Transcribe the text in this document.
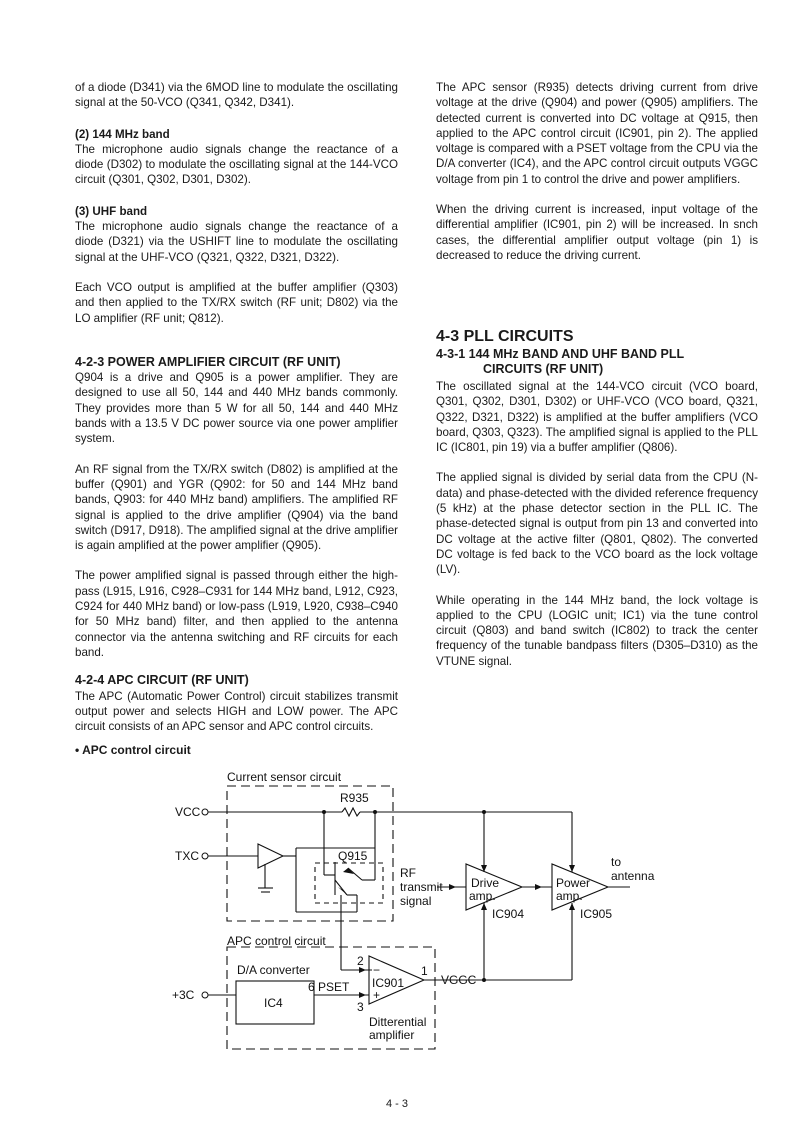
of a diode (D341) via the 6MOD line to modulate the oscillating signal at the 50-VCO (Q341, Q342, D341).

(2) 144 MHz band

The microphone audio signals change the reactance of a diode (D302) to modulate the oscillating signal at the 144-VCO circuit (Q301, Q302, D301, D302).

(3) UHF band

The microphone audio signals change the reactance of a diode (D321) via the USHIFT line to modulate the oscillating signal at the UHF-VCO (Q321, Q322, D321, D322).

Each VCO output is amplified at the buffer amplifier (Q303) and then applied to the TX/RX switch (RF unit; D802) via the LO amplifier (RF unit; Q812).

4-2-3 POWER AMPLIFIER CIRCUIT (RF UNIT)

Q904 is a drive and Q905 is a power amplifier. They are designed to use all 50, 144 and 440 MHz bands commonly. They provides more than 5 W for all 50, 144 and 440 MHz bands with a 13.5 V DC power source via one power amplifier system.

An RF signal from the TX/RX switch (D802) is amplified at the buffer (Q901) and YGR (Q902: for 50 and 144 MHz band bands, Q903: for 440 MHz band) amplifiers. The amplified RF signal is applied to the drive amplifier (Q904) via the band switch (D917, D918). The amplified signal at the drive amplifier is again amplified at the power amplifier (Q905).

The power amplified signal is passed through either the high-pass (L915, L916, C928–C931 for 144 MHz band, L912, C923, C924 for 440 MHz band) or low-pass (L919, L920, C938–C940 for 50 MHz band) filter, and then applied to the antenna connector via the antenna switching and RF circuits for each band.

4-2-4 APC CIRCUIT (RF UNIT)

The APC (Automatic Power Control) circuit stabilizes transmit output power and selects HIGH and LOW power. The APC circuit consists of an APC sensor and APC control circuits.

The APC sensor (R935) detects driving current from drive voltage at the drive (Q904) and power (Q905) amplifiers. The detected current is converted into DC voltage at Q915, then applied to the APC control circuit (IC901, pin 2). The applied voltage is compared with a PSET voltage from the CPU via the D/A converter (IC4), and the APC control circuit outputs VGGC voltage from pin 1 to control the drive and power amplifiers.

When the driving current is increased, input voltage of the differential amplifier (IC901, pin 2) will be increased. In snch cases, the differential amplifier output voltage (pin 1) is decreased to reduce the driving current.

4-3 PLL CIRCUITS
4-3-1 144 MHz BAND AND UHF BAND PLL
CIRCUITS (RF UNIT)

The oscillated signal at the 144-VCO circuit (VCO board, Q301, Q302, D301, D302) or UHF-VCO (VCO board, Q321, Q322, D321, D322) is amplified at the buffer amplifiers (VCO board, Q303, Q323). The amplified signal is applied to the PLL IC (IC801, pin 19) via a buffer amplifier (Q806).

The applied signal is divided by serial data from the CPU (N-data) and phase-detected with the divided reference frequency (5 kHz) at the phase detector section in the PLL IC. The phase-detected signal is output from pin 13 and converted into DC voltage at the active filter (Q801, Q802). The converted DC voltage is fed back to the VCO board as the lock voltage (LV).

While operating in the 144 MHz band, the lock voltage is applied to the CPU (LOGIC unit; IC1) via the tune control circuit (Q803) and band switch (IC802) to track the center frequency of the tunable bandpass filters (D305–D310) as the VTUNE signal.

• APC control circuit
Current sensor circuit
R935
VCC
TXC	Q915
RF
transmit
signal
Drive
amp.
IC904
Power
amp.
IC905
to
antenna
APC control circuit
D/A converter
IC4
6 PSET
+3C
2
1
3
−
+
IC901	VGGC
Ditterential
amplifier
4 - 3
